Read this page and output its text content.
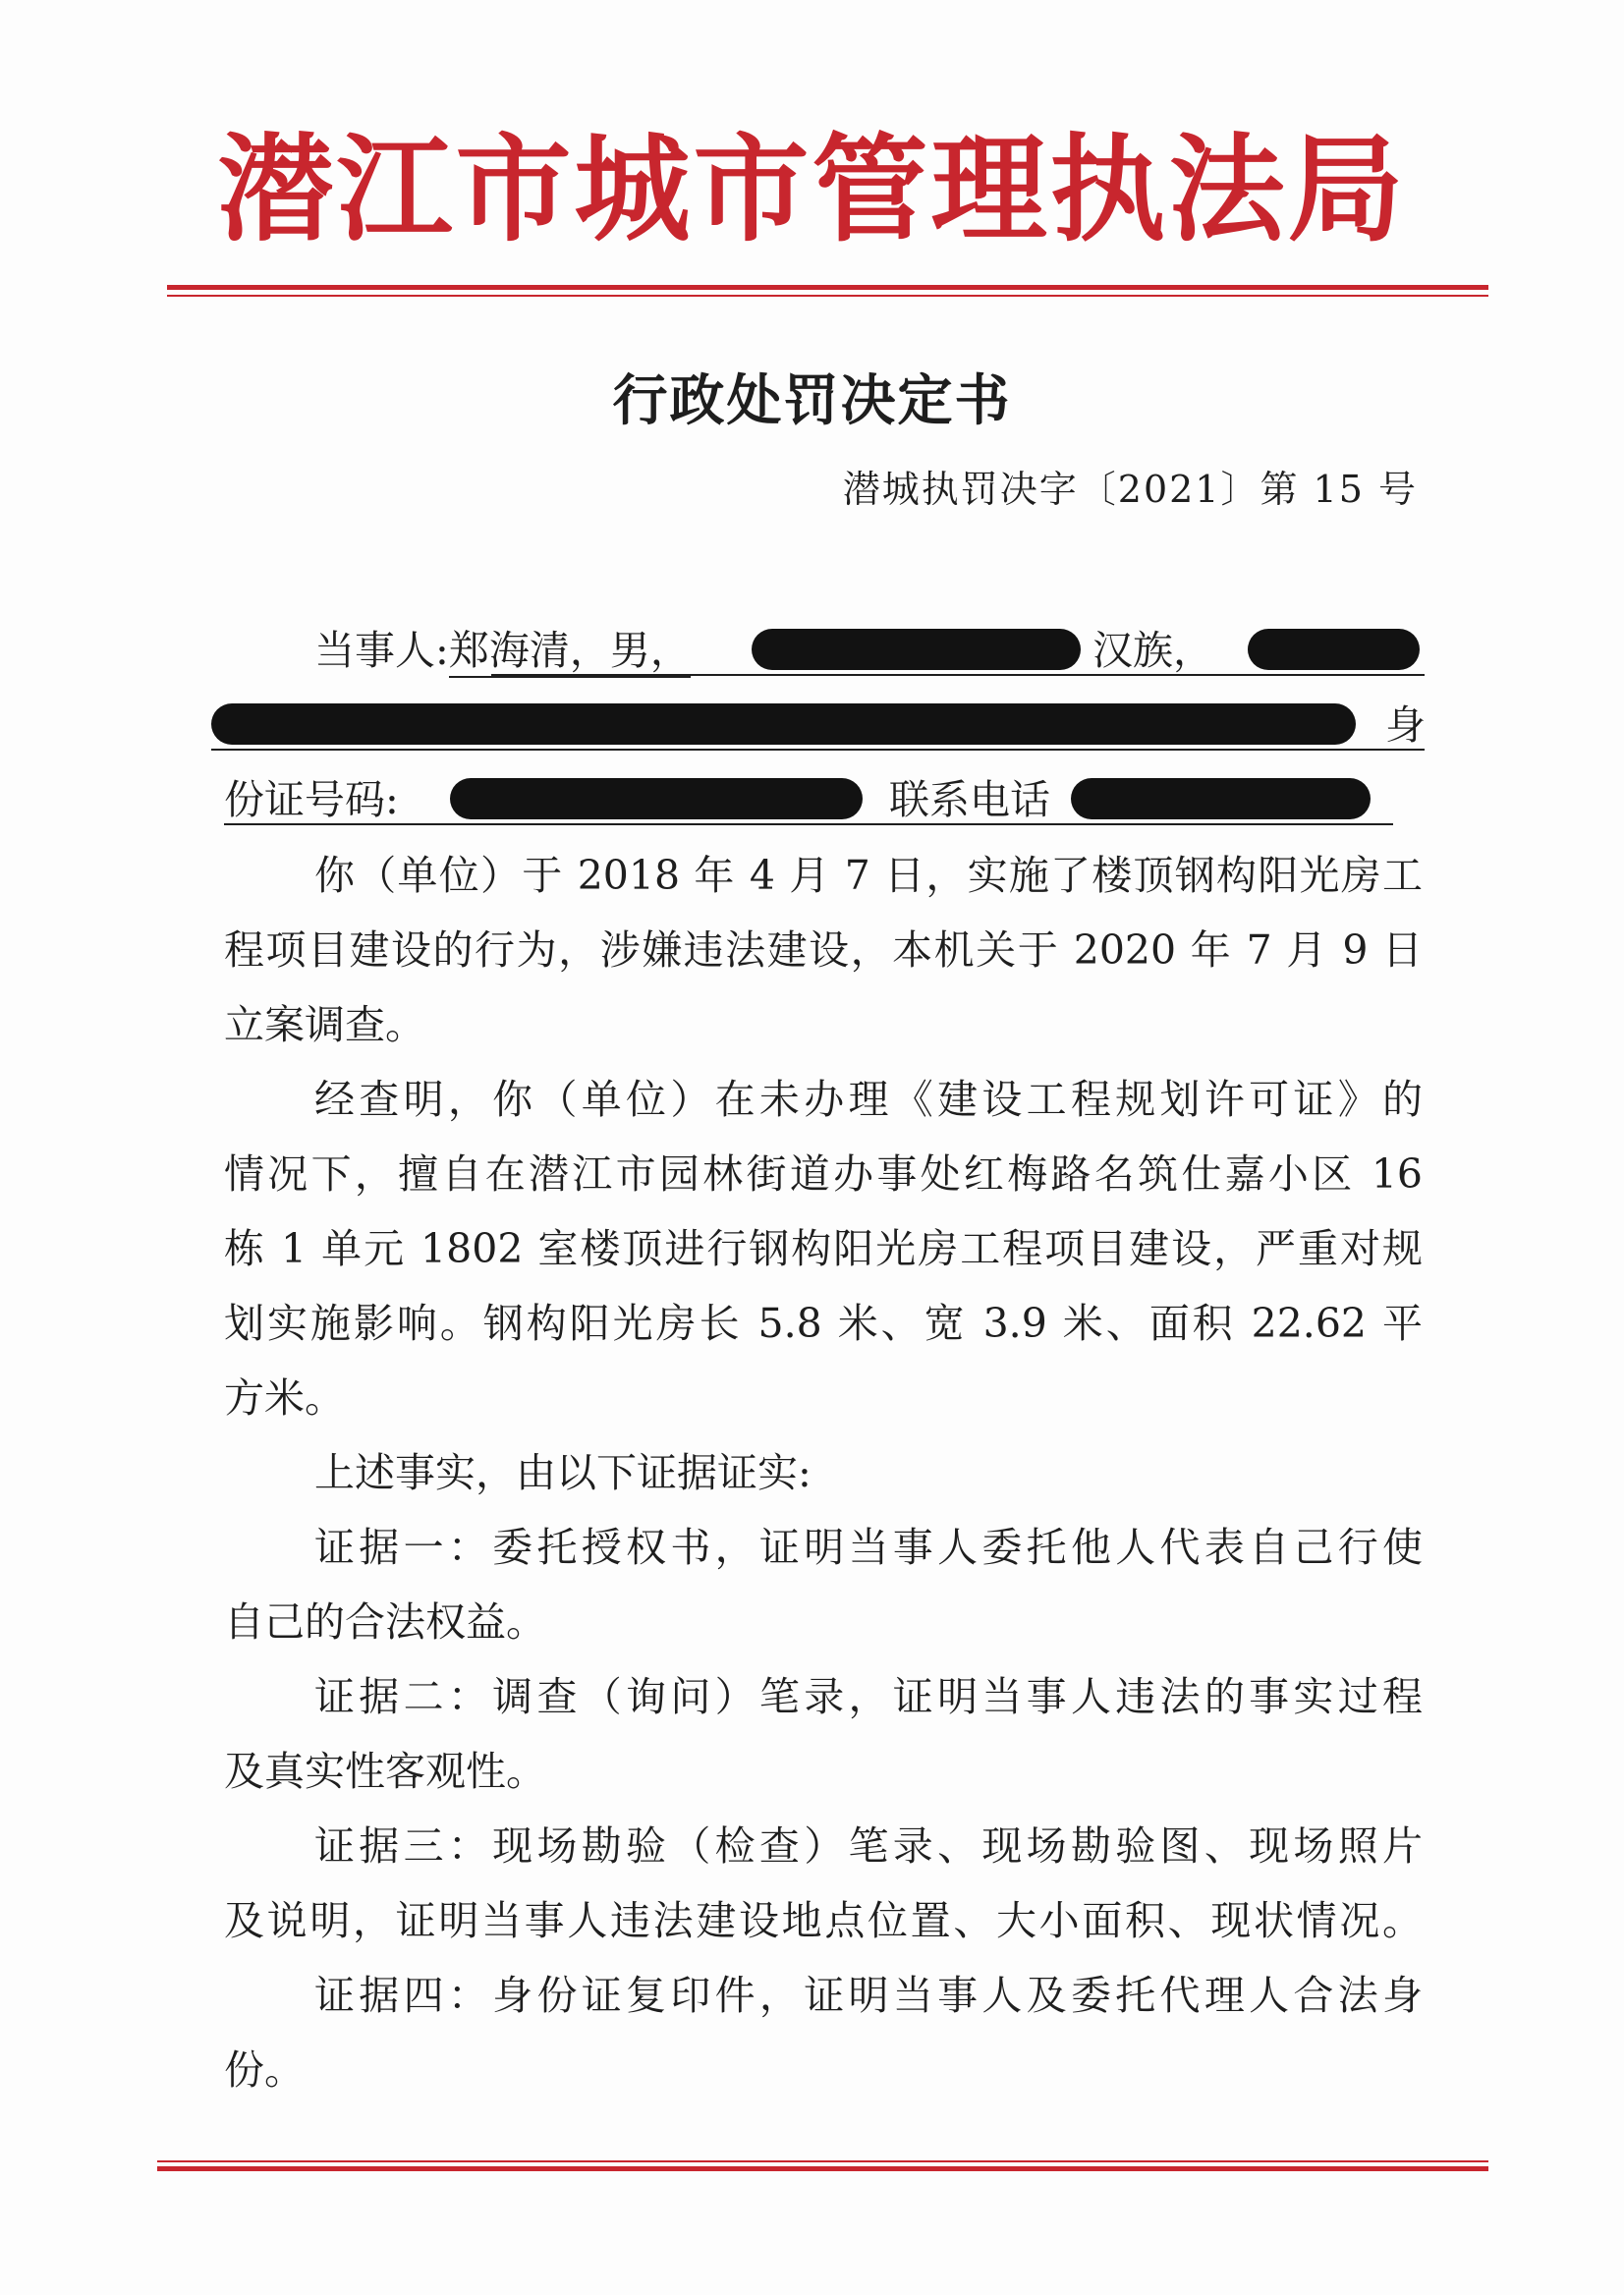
潜江市城市管理执法局
行政处罚决定书
潜城执罚决字〔2021〕第 15 号
当事人:郑海清，男，	汉族，
身
份证号码:	联系电话
你（单位）于 2018 年 4 月 7 日，实施了楼顶钢构阳光房工
程项目建设的行为，涉嫌违法建设，本机关于 2020 年 7 月 9 日
立案调查。
经查明，你（单位）在未办理《建设工程规划许可证》的
情况下，擅自在潜江市园林街道办事处红梅路名筑仕嘉小区 16
栋 1 单元 1802 室楼顶进行钢构阳光房工程项目建设，严重对规
划实施影响。钢构阳光房长 5.8 米、宽 3.9 米、面积 22.62 平
方米。
上述事实，由以下证据证实:
证据一：委托授权书，证明当事人委托他人代表自己行使
自己的合法权益。
证据二：调查（询问）笔录，证明当事人违法的事实过程
及真实性客观性。
证据三：现场勘验（检查）笔录、现场勘验图、现场照片
及说明，证明当事人违法建设地点位置、大小面积、现状情况。
证据四：身份证复印件，证明当事人及委托代理人合法身
份。
